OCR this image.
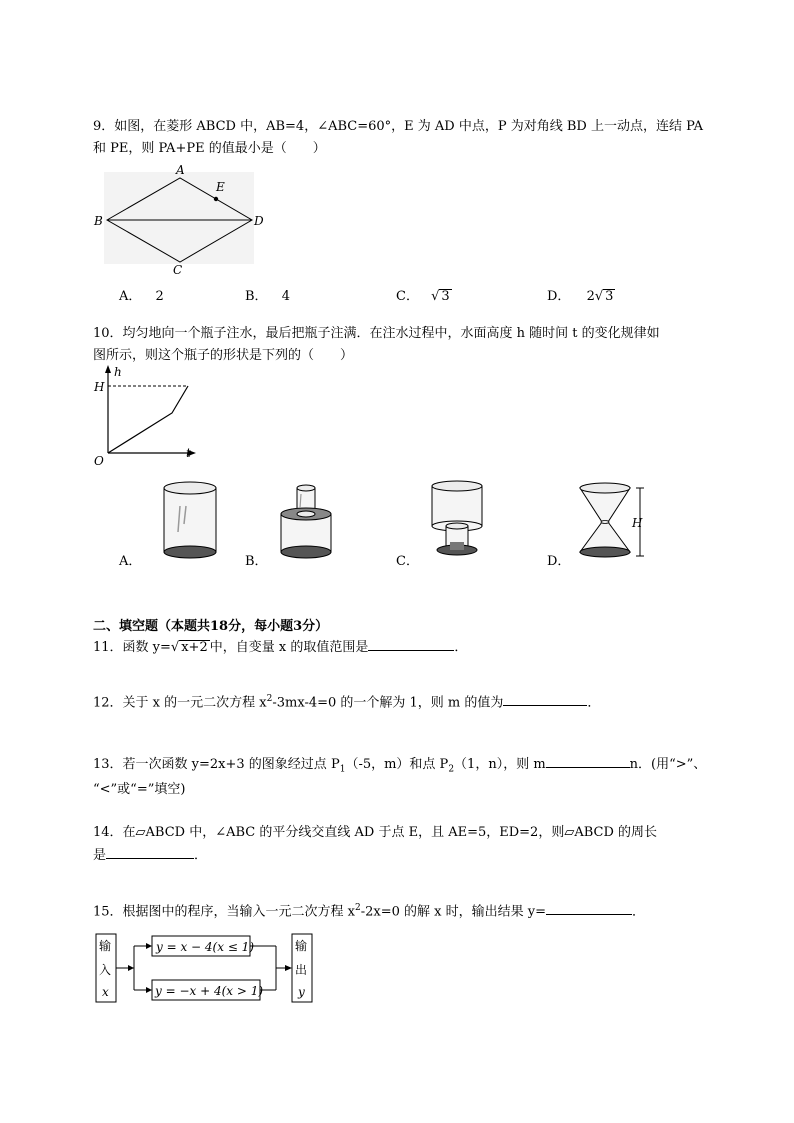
9．如图，在菱形 ABCD 中，AB=4，∠ABC=60°，E 为 AD 中点，P 为对角线 BD 上一动点，连结 PA
和 PE，则 PA+PE 的值最小是（　　）
A
E
B	D
C
A． 2	B． 4	C． √ 3	D． 2√ 3
10．均匀地向一个瓶子注水，最后把瓶子注满．在注水过程中，水面高度 h 随时间 t 的变化规律如
图所示，则这个瓶子的形状是下列的（　　）
h
H
O
t
H
A．	B．	C．	D．
二、填空题（本题共18分，每小题3分）
11．函数 y=√ x+2 中，自变量 x 的取值范围是	．
12．关于 x 的一元二次方程 $x^2-3mx-4=0$ 的一个解为 1，则 m 的值为	．
13．若一次函数 y=2x+3 的图象经过点 $P_1(-5$，m）和点 $P_2(1$，n），则 m	n．(用“>”、
“<”或“=”填空)
14．在▱ABCD 中，∠ABC 的平分线交直线 AD 于点 E，且 AE=5，ED=2，则▱ABCD 的周长
是	．
15．根据图中的程序，当输入一元二次方程 $x^2-2x=0$ 的解 x 时，输出结果 y=	．
输
入
x
y = x − 4(x ≤ 1)
y = −x + 4(x > 1)
输
出
y
